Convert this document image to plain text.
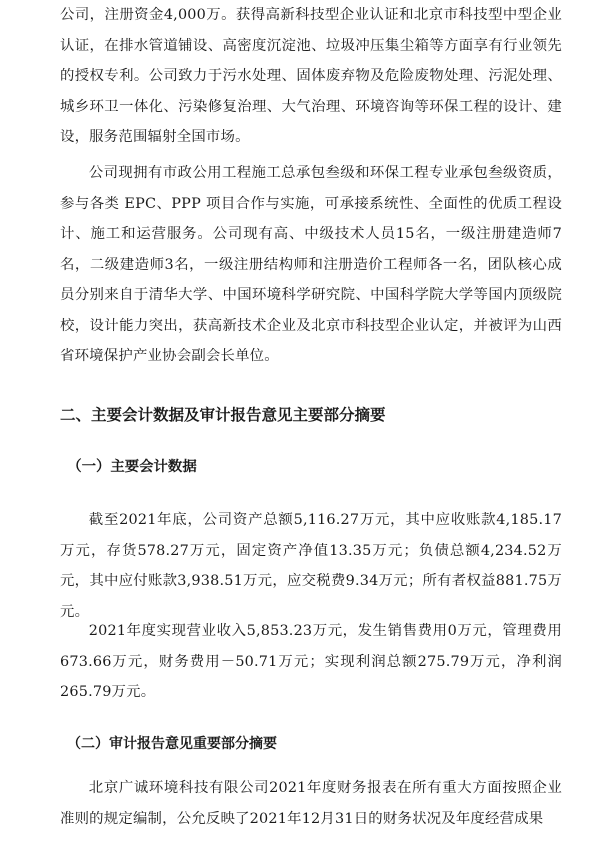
公司，注册资金4,000万。获得高新科技型企业认证和北京市科技型中型企业认证，在排水管道铺设、高密度沉淀池、垃圾冲压集尘箱等方面享有行业领先的授权专利。公司致力于污水处理、固体废弃物及危险废物处理、污泥处理、城乡环卫一体化、污染修复治理、大气治理、环境咨询等环保工程的设计、建设，服务范围辐射全国市场。

公司现拥有市政公用工程施工总承包叁级和环保工程专业承包叁级资质，参与各类 EPC、PPP 项目合作与实施，可承接系统性、全面性的优质工程设计、施工和运营服务。公司现有高、中级技术人员15名，一级注册建造师7名，二级建造师3名，一级注册结构师和注册造价工程师各一名，团队核心成员分别来自于清华大学、中国环境科学研究院、中国科学院大学等国内顶级院校，设计能力突出，获高新技术企业及北京市科技型企业认定，并被评为山西省环境保护产业协会副会长单位。

二、主要会计数据及审计报告意见主要部分摘要
（一）主要会计数据

截至2021年底，公司资产总额5,116.27万元，其中应收账款4,185.17万元，存货578.27万元，固定资产净值13.35万元；负债总额4,234.52万元，其中应付账款3,938.51万元，应交税费9.34万元；所有者权益881.75万元。

2021年度实现营业收入5,853.23万元，发生销售费用0万元，管理费用673.66万元，财务费用－50.71万元；实现利润总额275.79万元，净利润265.79万元。

（二）审计报告意见重要部分摘要

北京广诚环境科技有限公司2021年度财务报表在所有重大方面按照企业准则的规定编制，公允反映了2021年12月31日的财务状况及年度经营成果
